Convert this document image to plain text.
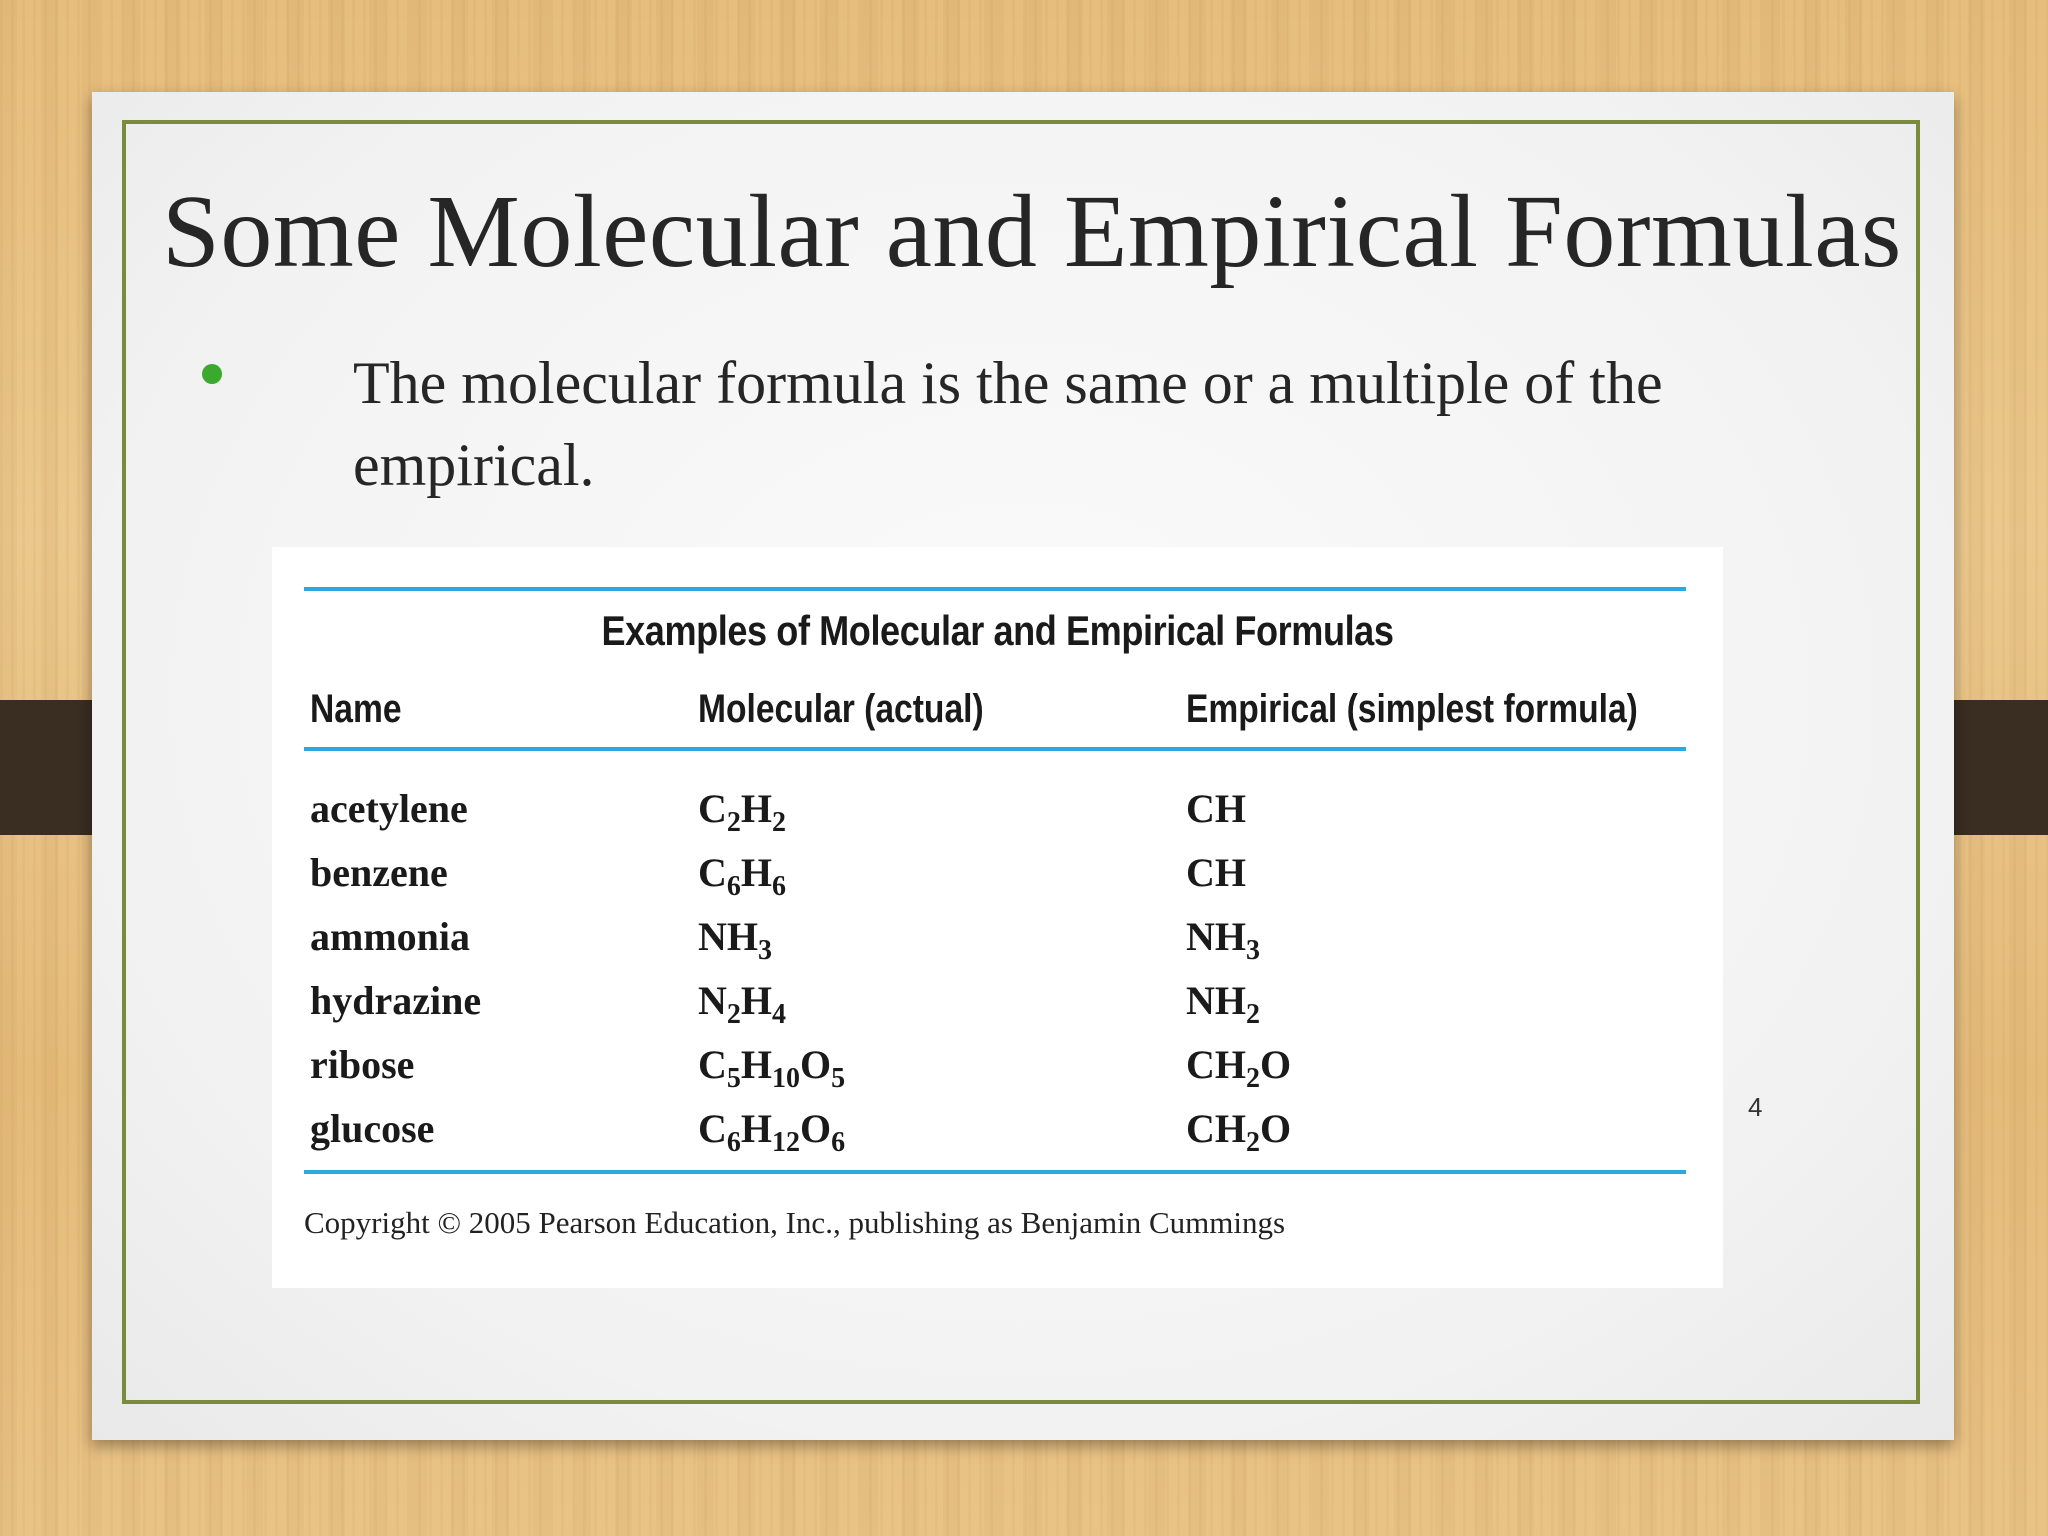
Some Molecular and Empirical Formulas
The molecular formula is the same or a multiple of the
empirical.
Examples of Molecular and Empirical Formulas
Name	Molecular (actual)	Empirical (simplest formula)
acetylene	$C_2H_2$	CH
benzene	$C_6H_6$	CH
ammonia	$NH_3$	$NH_3$
hydrazine	$N_2H_4$	$NH_2$
ribose	$C_5H_{10}O_5$	$CH_2O$
glucose	$C_6H_{12}O_6$	$CH_2O$
Copyright © 2005 Pearson Education, Inc., publishing as Benjamin Cummings
4
